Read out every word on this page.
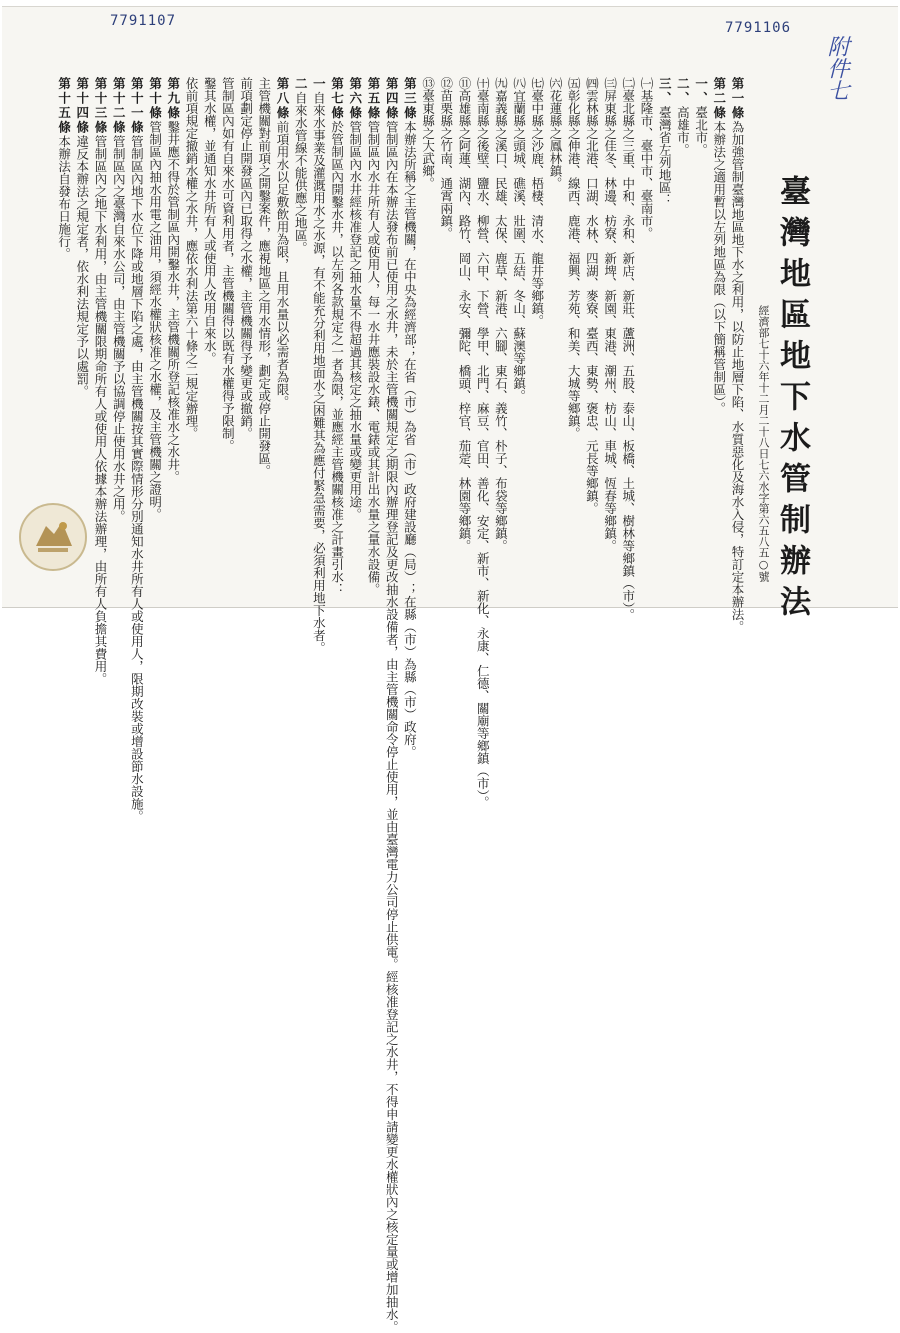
7791107	7791106
附件七
臺灣地區地下水管制辦法
經濟部七十六年十二月二十八日七六水字第六五八五○號
第一條為加強管制臺灣地區地下水之利用，以防止地層下陷、水質惡化及海水入侵，特訂定本辦法。
第二條本辦法之適用暫以左列地區為限（以下簡稱管制區）。
一、臺北市。
二、高雄市。
三、臺灣省左列地區：
㈠基隆市、臺中市、臺南市。
㈡臺北縣之三重、中和、永和、新店、新莊、蘆洲、五股、泰山、板橋、土城、樹林等鄉鎮（市）。
㈢屏東縣之佳冬、林邊、枋寮、新埤、新園、東港、潮州、枋山、車城、恆春等鄉鎮。
㈣雲林縣之北港、口湖、水林、四湖、麥寮、臺西、東勢、褒忠、元長等鄉鎮。
㈤彰化縣之伸港、線西、鹿港、福興、芳苑、和美、大城等鄉鎮。
㈥花蓮縣之鳳林鎮。
㈦臺中縣之沙鹿、梧棲、清水、龍井等鄉鎮。
㈧宜蘭縣之頭城、礁溪、壯圍、五結、冬山、蘇澳等鄉鎮。
㈨嘉義縣之溪口、民雄、太保、鹿草、新港、六腳、東石、義竹、朴子、布袋等鄉鎮。
㈩臺南縣之後壁、鹽水、柳營、六甲、下營、學甲、北門、麻豆、官田、善化、安定、新市、新化、永康、仁德、關廟等鄉鎮（市）。
⑪高雄縣之阿蓮、湖內、路竹、岡山、永安、彌陀、橋頭、梓官、茄萣、林園等鄉鎮。
⑫苗栗縣之竹南、通霄兩鎮。
⑬臺東縣之大武鄉。
第三條本辦法所稱之主管機關，在中央為經濟部；在省（市）為省（市）政府建設廳（局）；在縣（市）為縣（市）政府。
第四條管制區內在本辦法發布前已使用之水井，未於主管機關規定之期限內辦理登記及更改抽水設備者，由主管機關命令停止使用，並由臺灣電力公司停止供電。經核准登記之水井，不得申請變更水權狀內之核定量或增加抽水。
第五條管制區內水井所有人或使用人，每一水井應裝設水錶、電錶或其計出水量之量水設備。
第六條管制區內水井經核准登記之抽水量不得超過其核定之抽水量或變更用途。
第七條於管制區內開鑿水井，以左列各款規定之一者為限，並應經主管機關核准之計畫引水：
一自來水事業及灌溉用水之水源，有不能充分利用地面水之困難其為應付緊急需要，必須利用地下水者。
二自來水管線不能供應之地區。
第八條前項用水以足敷飲用為限，且用水量以必需者為限。
主管機關對前項之開鑿案件，應視地區之用水情形，劃定或停止開發區。
前項劃定停止開發區內已取得之水權，主管機關得予變更或撤銷。
管制區內如有自來水可資利用者，主管機關得以既有水權得予限制。
鑿其水權，並通知水井所有人或使用人改用自來水。
依前項規定撤銷水權之水井，應依水利法第六十條之二規定辦理。
第九條鑿井應不得於管制區內開鑿水井，主管機關所登記核准水之水井。
第十條管制區內抽水用電之油用，須經水權狀核准之水權，及主管機關之證明。
第十一條管制區內地下水位下降或地層下陷之處，由主管機關按其實際情形分別通知水井所有人或使用人，限期改裝或增設節水設施。
第十二條管制區內之臺灣自來水公司，由主管機關予以協調停止使用水井之用。
第十三條管制區內之地下水利用，由主管機關限期命所有人或使用人依據本辦法辦理，由所有人負擔其費用。
第十四條違反本辦法之規定者，依水利法規定予以處罰。
第十五條本辦法自發布日施行。
